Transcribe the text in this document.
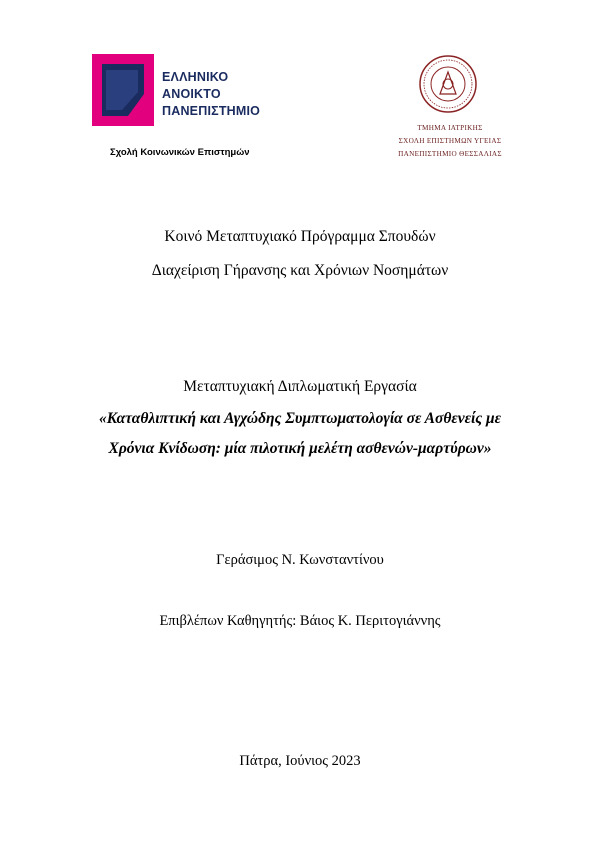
ΕΛΛΗΝΙΚΟ
ΑΝΟΙΚΤΟ
ΠΑΝΕΠΙΣΤΗΜΙΟ
Σχολή Κοινωνικών Επιστημών
ΤΜΗΜΑ ΙΑΤΡΙΚΗΣ
ΣΧΟΛΗ ΕΠΙΣΤΗΜΩΝ ΥΓΕΙΑΣ
ΠΑΝΕΠΙΣΤΗΜΙΟ ΘΕΣΣΑΛΙΑΣ
Κοινό Μεταπτυχιακό Πρόγραμμα Σπουδών
Διαχείριση Γήρανσης και Χρόνιων Νοσημάτων
Μεταπτυχιακή Διπλωματική Εργασία
«Καταθλιπτική και Αγχώδης Συμπτωματολογία σε Ασθενείς με
Χρόνια Κνίδωση: μία πιλοτική μελέτη ασθενών-μαρτύρων»
Γεράσιμος Ν. Κωνσταντίνου
Επιβλέπων Καθηγητής: Βάιος Κ. Περιτογιάννης
Πάτρα, Ιούνιος 2023
